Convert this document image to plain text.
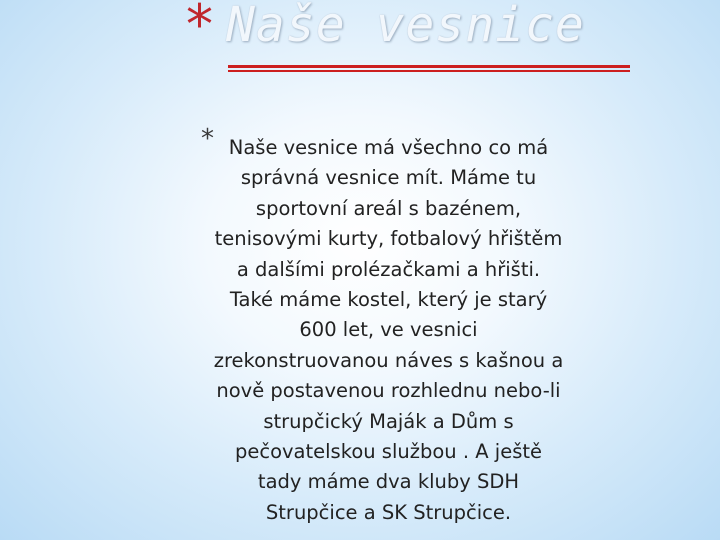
* Naše vesnice
* Naše vesnice má všechno co má
správná vesnice mít. Máme tu
sportovní areál s bazénem,
tenisovými kurty, fotbalový hřištěm
a dalšími prolézačkami a hřišti.
Také máme kostel, který je starý
600 let, ve vesnici
zrekonstruovanou náves s kašnou a
nově postavenou rozhlednu nebo-li
strupčický Maják a Dům s
pečovatelskou službou . A ještě
tady máme dva kluby SDH
Strupčice a SK Strupčice.
